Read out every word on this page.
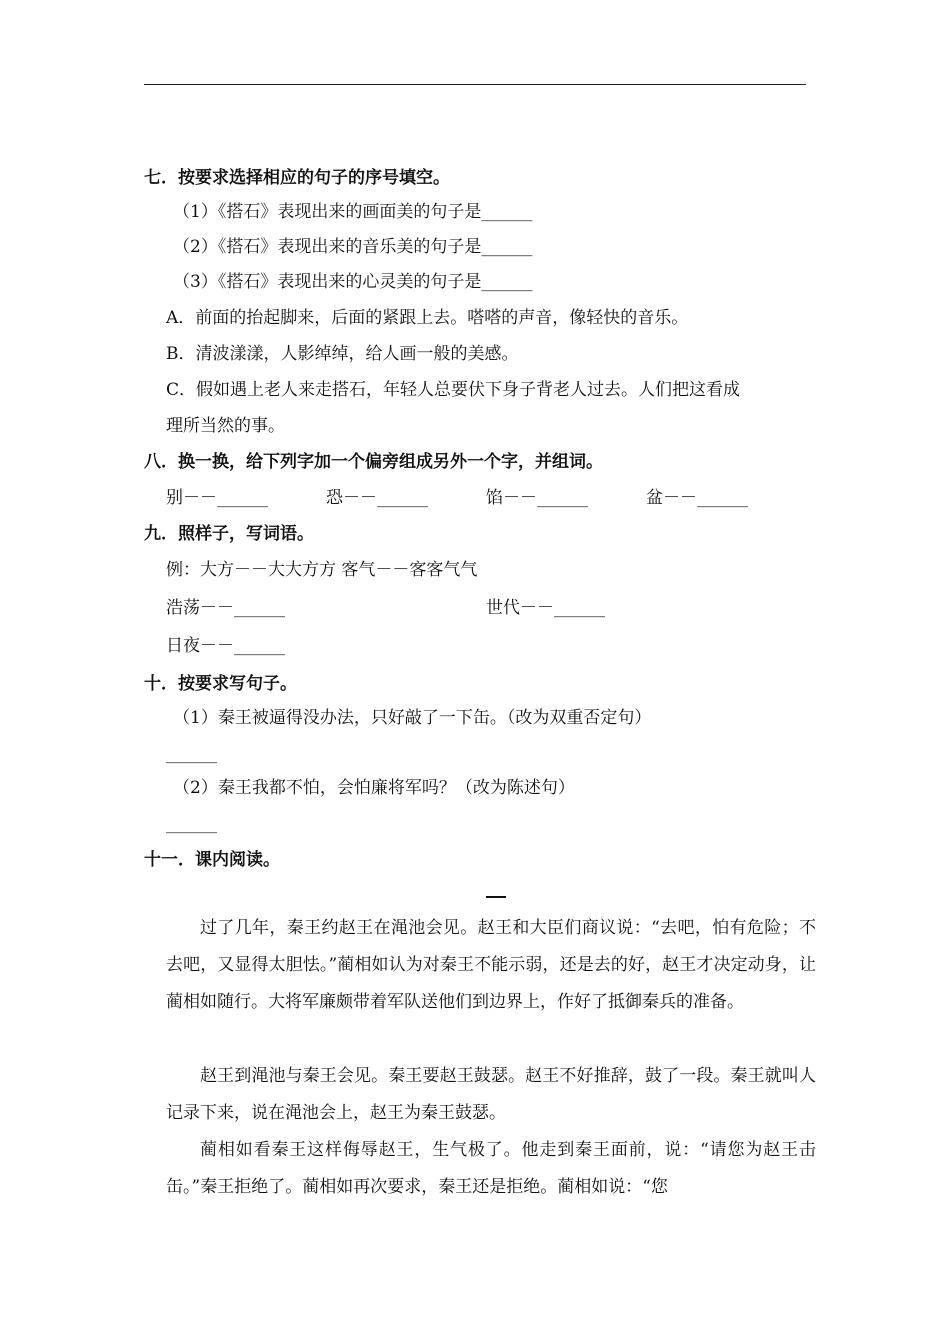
七．按要求选择相应的句子的序号填空。
（1）《搭石》表现出来的画面美的句子是______
（2）《搭石》表现出来的音乐美的句子是______
（3）《搭石》表现出来的心灵美的句子是______
A．前面的抬起脚来，后面的紧跟上去。嗒嗒的声音，像轻快的音乐。
B．清波漾漾，人影绰绰，给人画一般的美感。
C．假如遇上老人来走搭石，年轻人总要伏下身子背老人过去。人们把这看成
理所当然的事。
八．换一换，给下列字加一个偏旁组成另外一个字，并组词。
别－－______	恐－－______	馅－－______	盆－－______
九．照样子，写词语。
例：大方－－大大方方 客气－－客客气气
浩荡－－______	世代－－______
日夜－－______
十．按要求写句子。
（1）秦王被逼得没办法，只好敲了一下缶。（改为双重否定句）
______
（2）秦王我都不怕，会怕廉将军吗？（改为陈述句）
______
十一．课内阅读。
过了几年，秦王约赵王在渑池会见。赵王和大臣们商议说：“去吧，怕有危险；不去吧，又显得太胆怯。”蔺相如认为对秦王不能示弱，还是去的好，赵王才决定动身，让蔺相如随行。大将军廉颇带着军队送他们到边界上，作好了抵御秦兵的准备。
赵王到渑池与秦王会见。秦王要赵王鼓瑟。赵王不好推辞，鼓了一段。秦王就叫人记录下来，说在渑池会上，赵王为秦王鼓瑟。
蔺相如看秦王这样侮辱赵王，生气极了。他走到秦王面前，说：“请您为赵王击缶。”秦王拒绝了。蔺相如再次要求，秦王还是拒绝。蔺相如说：“您
